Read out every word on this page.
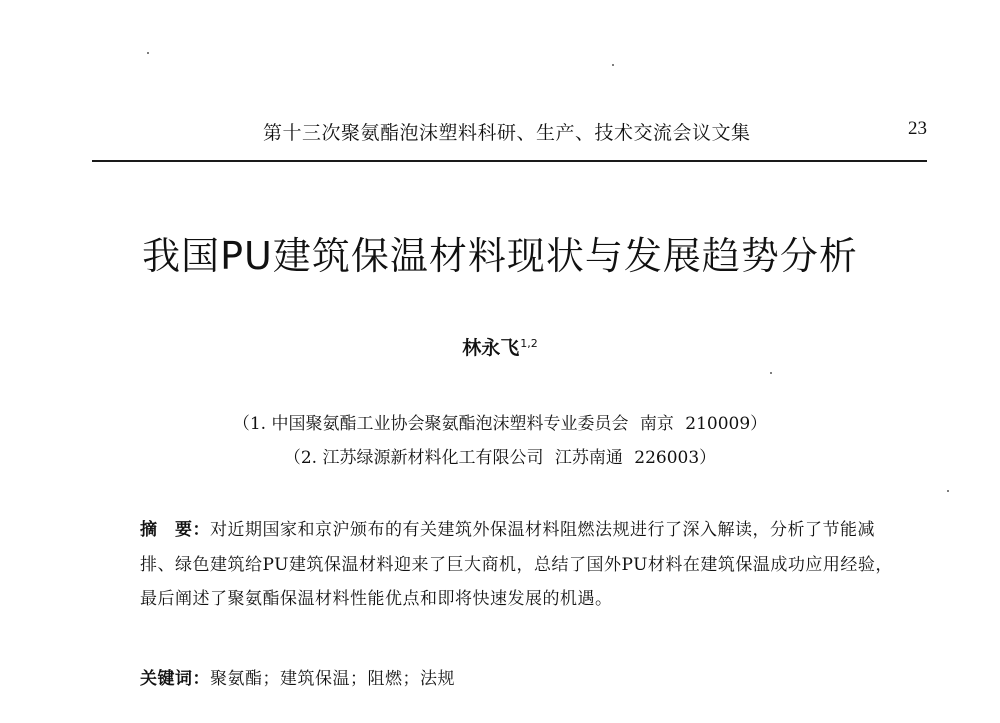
第十三次聚氨酯泡沫塑料科研、生产、技术交流会议文集	23
我国PU建筑保温材料现状与发展趋势分析
林永飞$^{1,2}$
（1. 中国聚氨酯工业协会聚氨酯泡沫塑料专业委员会 南京 210009）
（2. 江苏绿源新材料化工有限公司 江苏南通 226003）
摘　要：对近期国家和京沪颁布的有关建筑外保温材料阻燃法规进行了深入解读，分析了节能减排、绿色建筑给PU建筑保温材料迎来了巨大商机，总结了国外PU材料在建筑保温成功应用经验，最后阐述了聚氨酯保温材料性能优点和即将快速发展的机遇。
关键词：聚氨酯；建筑保温；阻燃；法规
